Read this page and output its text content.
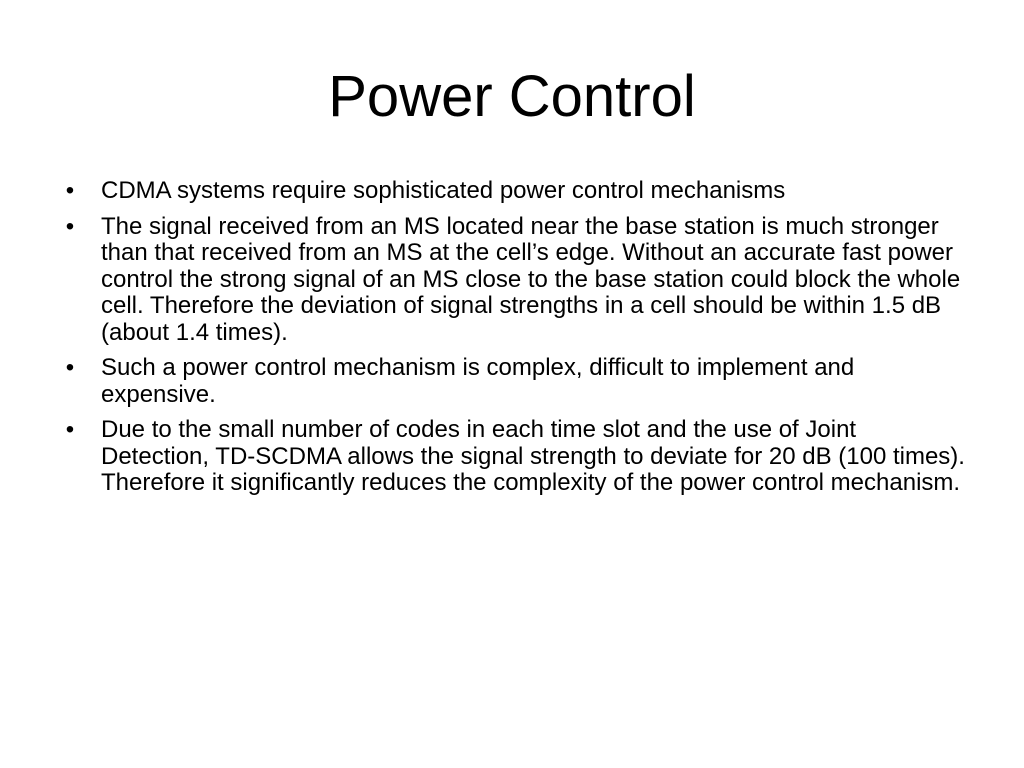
Power Control
• CDMA systems require sophisticated power control mechanisms
• The signal received from an MS located near the base station is much stronger than that received from an MS at the cell’s edge. Without an accurate fast power control the strong signal of an MS close to the base station could block the whole cell. Therefore the deviation of signal strengths in a cell should be within 1.5 dB (about 1.4 times).
• Such a power control mechanism is complex, difficult to implement and expensive.
• Due to the small number of codes in each time slot and the use of Joint Detection, TD-SCDMA allows the signal strength to deviate for 20 dB (100 times). Therefore it significantly reduces the complexity of the power control mechanism.
